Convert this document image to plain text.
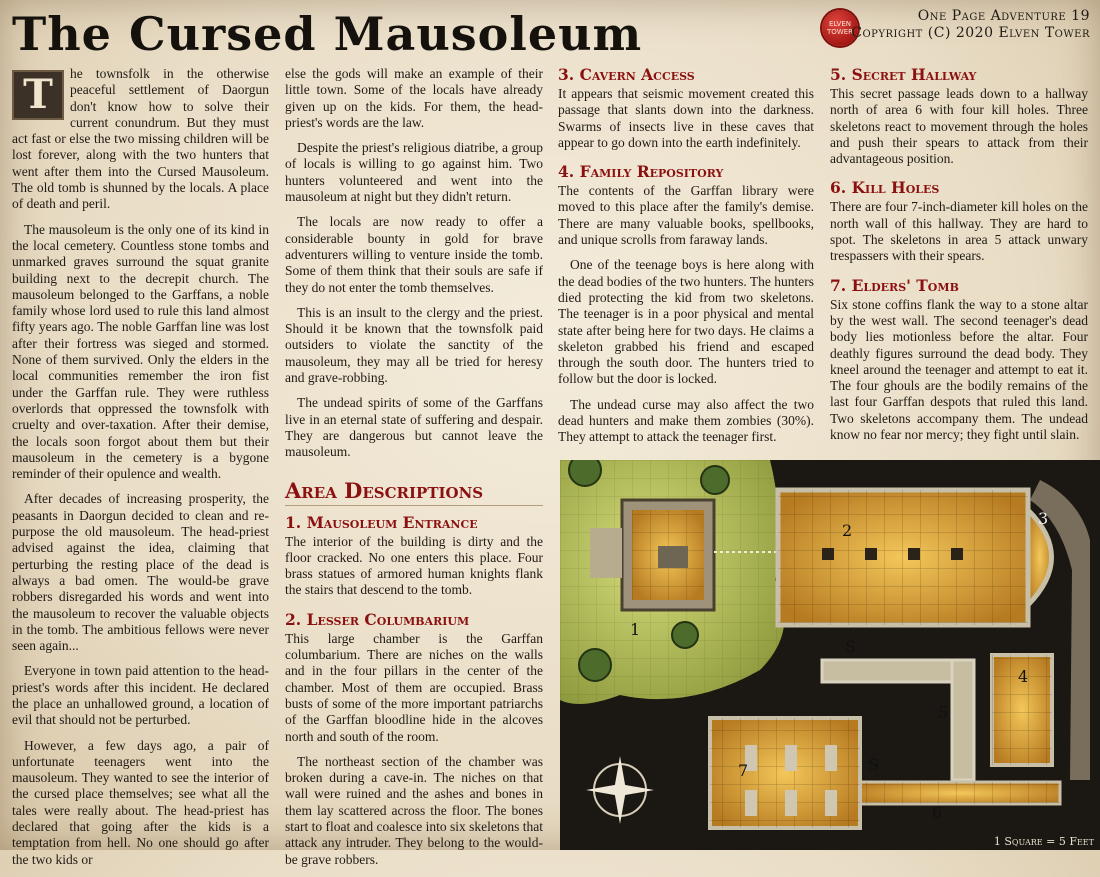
The Cursed Mausoleum	ELVEN TOWER
One Page Adventure 19
Copyright (C) 2020 Elven Tower

T	he townsfolk in the otherwise peaceful settlement of Daorgun don't know how to solve their current conundrum. But they must act fast or else the two missing children will be lost forever, along with the two hunters that went after them into the Cursed Mausoleum. The old tomb is shunned by the locals. A place of death and peril.

The mausoleum is the only one of its kind in the local cemetery. Countless stone tombs and unmarked graves surround the squat granite building next to the decrepit church. The mausoleum belonged to the Garffans, a noble family whose lord used to rule this land almost fifty years ago. The noble Garffan line was lost after their fortress was sieged and stormed. None of them survived. Only the elders in the local communities remember the iron fist under the Garffan rule. They were ruthless overlords that oppressed the townsfolk with cruelty and over-taxation. After their demise, the locals soon forgot about them but their mausoleum in the cemetery is a bygone reminder of their opulence and wealth.

After decades of increasing prosperity, the peasants in Daorgun decided to clean and re-purpose the old mausoleum. The head-priest advised against the idea, claiming that perturbing the resting place of the dead is always a bad omen. The would-be grave robbers disregarded his words and went into the mausoleum to recover the valuable objects in the tomb. The ambitious fellows were never seen again...

Everyone in town paid attention to the head-priest's words after this incident. He declared the place an unhallowed ground, a location of evil that should not be perturbed.

However, a few days ago, a pair of unfortunate teenagers went into the mausoleum. They wanted to see the interior of the cursed place themselves; see what all the tales were really about. The head-priest has declared that going after the kids is a temptation from hell. No one should go after the two kids or

else the gods will make an example of their little town. Some of the locals have already given up on the kids. For them, the head-priest's words are the law.

Despite the priest's religious diatribe, a group of locals is willing to go against him. Two hunters volunteered and went into the mausoleum at night but they didn't return.

The locals are now ready to offer a considerable bounty in gold for brave adventurers willing to venture inside the tomb. Some of them think that their souls are safe if they do not enter the tomb themselves.

This is an insult to the clergy and the priest. Should it be known that the townsfolk paid outsiders to violate the sanctity of the mausoleum, they may all be tried for heresy and grave-robbing.

The undead spirits of some of the Garffans live in an eternal state of suffering and despair. They are dangerous but cannot leave the mausoleum.

Area Descriptions
1. Mausoleum Entrance

The interior of the building is dirty and the floor cracked. No one enters this place. Four brass statues of armored human knights flank the stairs that descend to the tomb.

2. Lesser Columbarium

This large chamber is the Garffan columbarium. There are niches on the walls and in the four pillars in the center of the chamber. Most of them are occupied. Brass busts of some of the more important patriarchs of the Garffan bloodline hide in the alcoves north and south of the room.

The northeast section of the chamber was broken during a cave-in. The niches on that wall were ruined and the ashes and bones in them lay scattered across the floor. The bones start to float and coalesce into six skeletons that attack any intruder. They belong to the would-be grave robbers.

3. Cavern Access

It appears that seismic movement created this passage that slants down into the darkness. Swarms of insects live in these caves that appear to go down into the earth indefinitely.

4. Family Repository

The contents of the Garffan library were moved to this place after the family's demise. There are many valuable books, spellbooks, and unique scrolls from faraway lands.

One of the teenage boys is here along with the dead bodies of the two hunters. The hunters died protecting the kid from two skeletons. The teenager is in a poor physical and mental state after being here for two days. He claims a skeleton grabbed his friend and escaped through the south door. The hunters tried to follow but the door is locked.

The undead curse may also affect the two dead hunters and make them zombies (30%). They attempt to attack the teenager first.

5. Secret Hallway

This secret passage leads down to a hallway north of area 6 with four kill holes. Three skeletons react to movement through the holes and push their spears to attack from their advantageous position.

6. Kill Holes

There are four 7-inch-diameter kill holes on the north wall of this hallway. They are hard to spot. The skeletons in area 5 attack unwary trespassers with their spears.

7. Elders' Tomb

Six stone coffins flank the way to a stone altar by the west wall. The second teenager's dead body lies motionless before the altar. Four deathly figures surround the dead body. They kneel around the teenager and attempt to eat it. The four ghouls are the bodily remains of the last four Garffan despots that ruled this land. Two skeletons accompany them. The undead know no fear nor mercy; they fight until slain.

1
2
3
4
5
6
7
S
S
1 Square = 5 Feet
